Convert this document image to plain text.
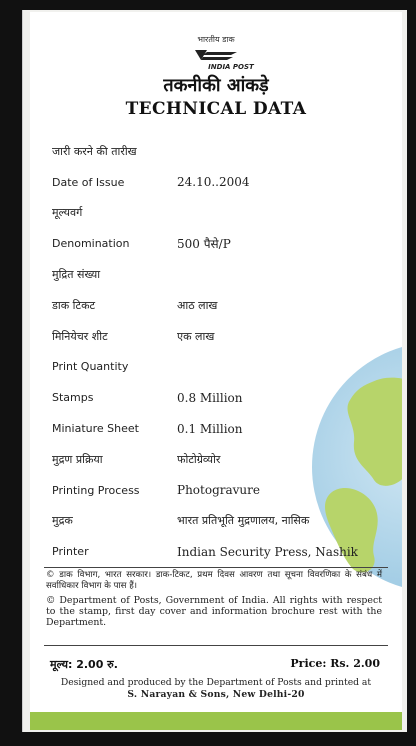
भारतीय डाक
INDIA POST
तकनीकी आंकड़े
TECHNICAL DATA
जारी करने की तारीख
Date of Issue	24.10..2004
मूल्यवर्ग
Denomination	500 पैसे/P
मुद्रित संख्या
डाक टिकट	आठ लाख
मिनियेचर शीट	एक लाख
Print Quantity
Stamps	0.8 Million
Miniature Sheet	0.1 Million
मुद्रण प्रक्रिया	फोटोग्रेव्योर
Printing Process	Photogravure
मुद्रक	भारत प्रतिभूति मुद्रणालय, नासिक
Printer	Indian Security Press, Nashik

© डाक विभाग, भारत सरकार। डाक-टिकट, प्रथम दिवस आवरण तथा सूचना विवरणिका के संबंध में सर्वाधिकार विभाग के पास हैं।

© Department of Posts, Government of India. All rights with respect to the stamp, first day cover and information brochure rest with the Department.

मूल्य: 2.00 रु.	Price: Rs. 2.00
Designed and produced by the Department of Posts and printed at
S. Narayan & Sons, New Delhi-20
